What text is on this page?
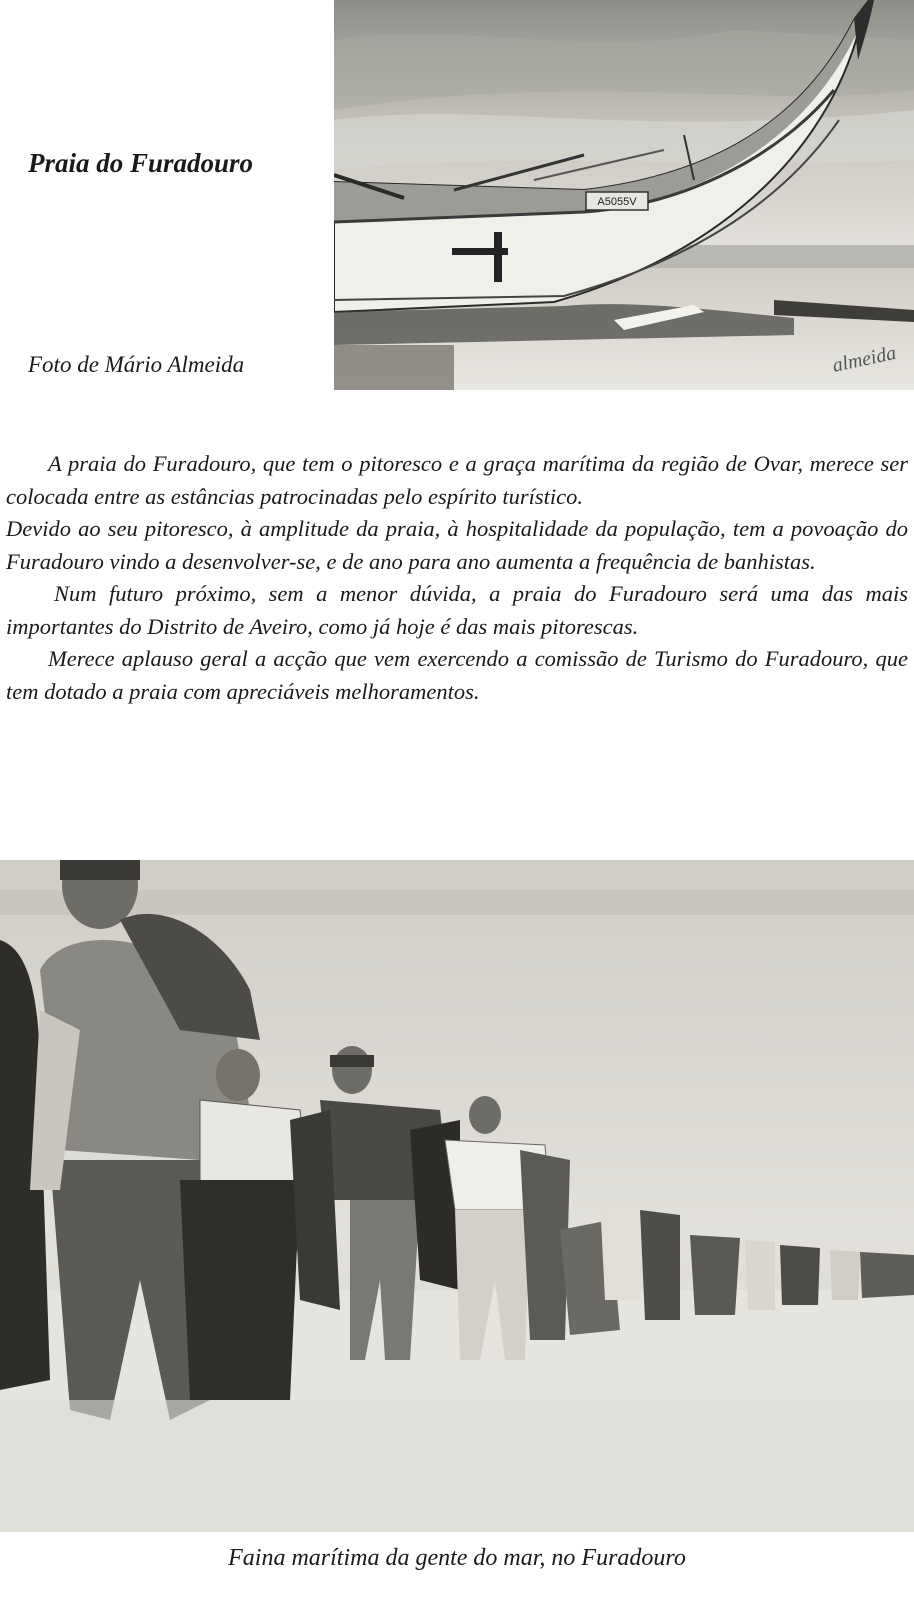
Praia do Furadouro
A5055V
almeida
Foto de Mário Almeida

A praia do Furadouro, que tem o pitoresco e a graça marítima da região de Ovar, merece ser colocada entre as estâncias patrocinadas pelo espírito turístico.

Devido ao seu pitoresco, à amplitude da praia, à hospitalidade da população, tem a povoação do Furadouro vindo a desenvolver-se, e de ano para ano aumenta a frequência de banhistas.

Num futuro próximo, sem a menor dúvida, a praia do Furadouro será uma das mais importantes do Distrito de Aveiro, como já hoje é das mais pitorescas.

Merece aplauso geral a acção que vem exercendo a comissão de Turismo do Furadouro, que tem dotado a praia com apreciáveis melhoramentos.

Faina marítima da gente do mar, no Furadouro
